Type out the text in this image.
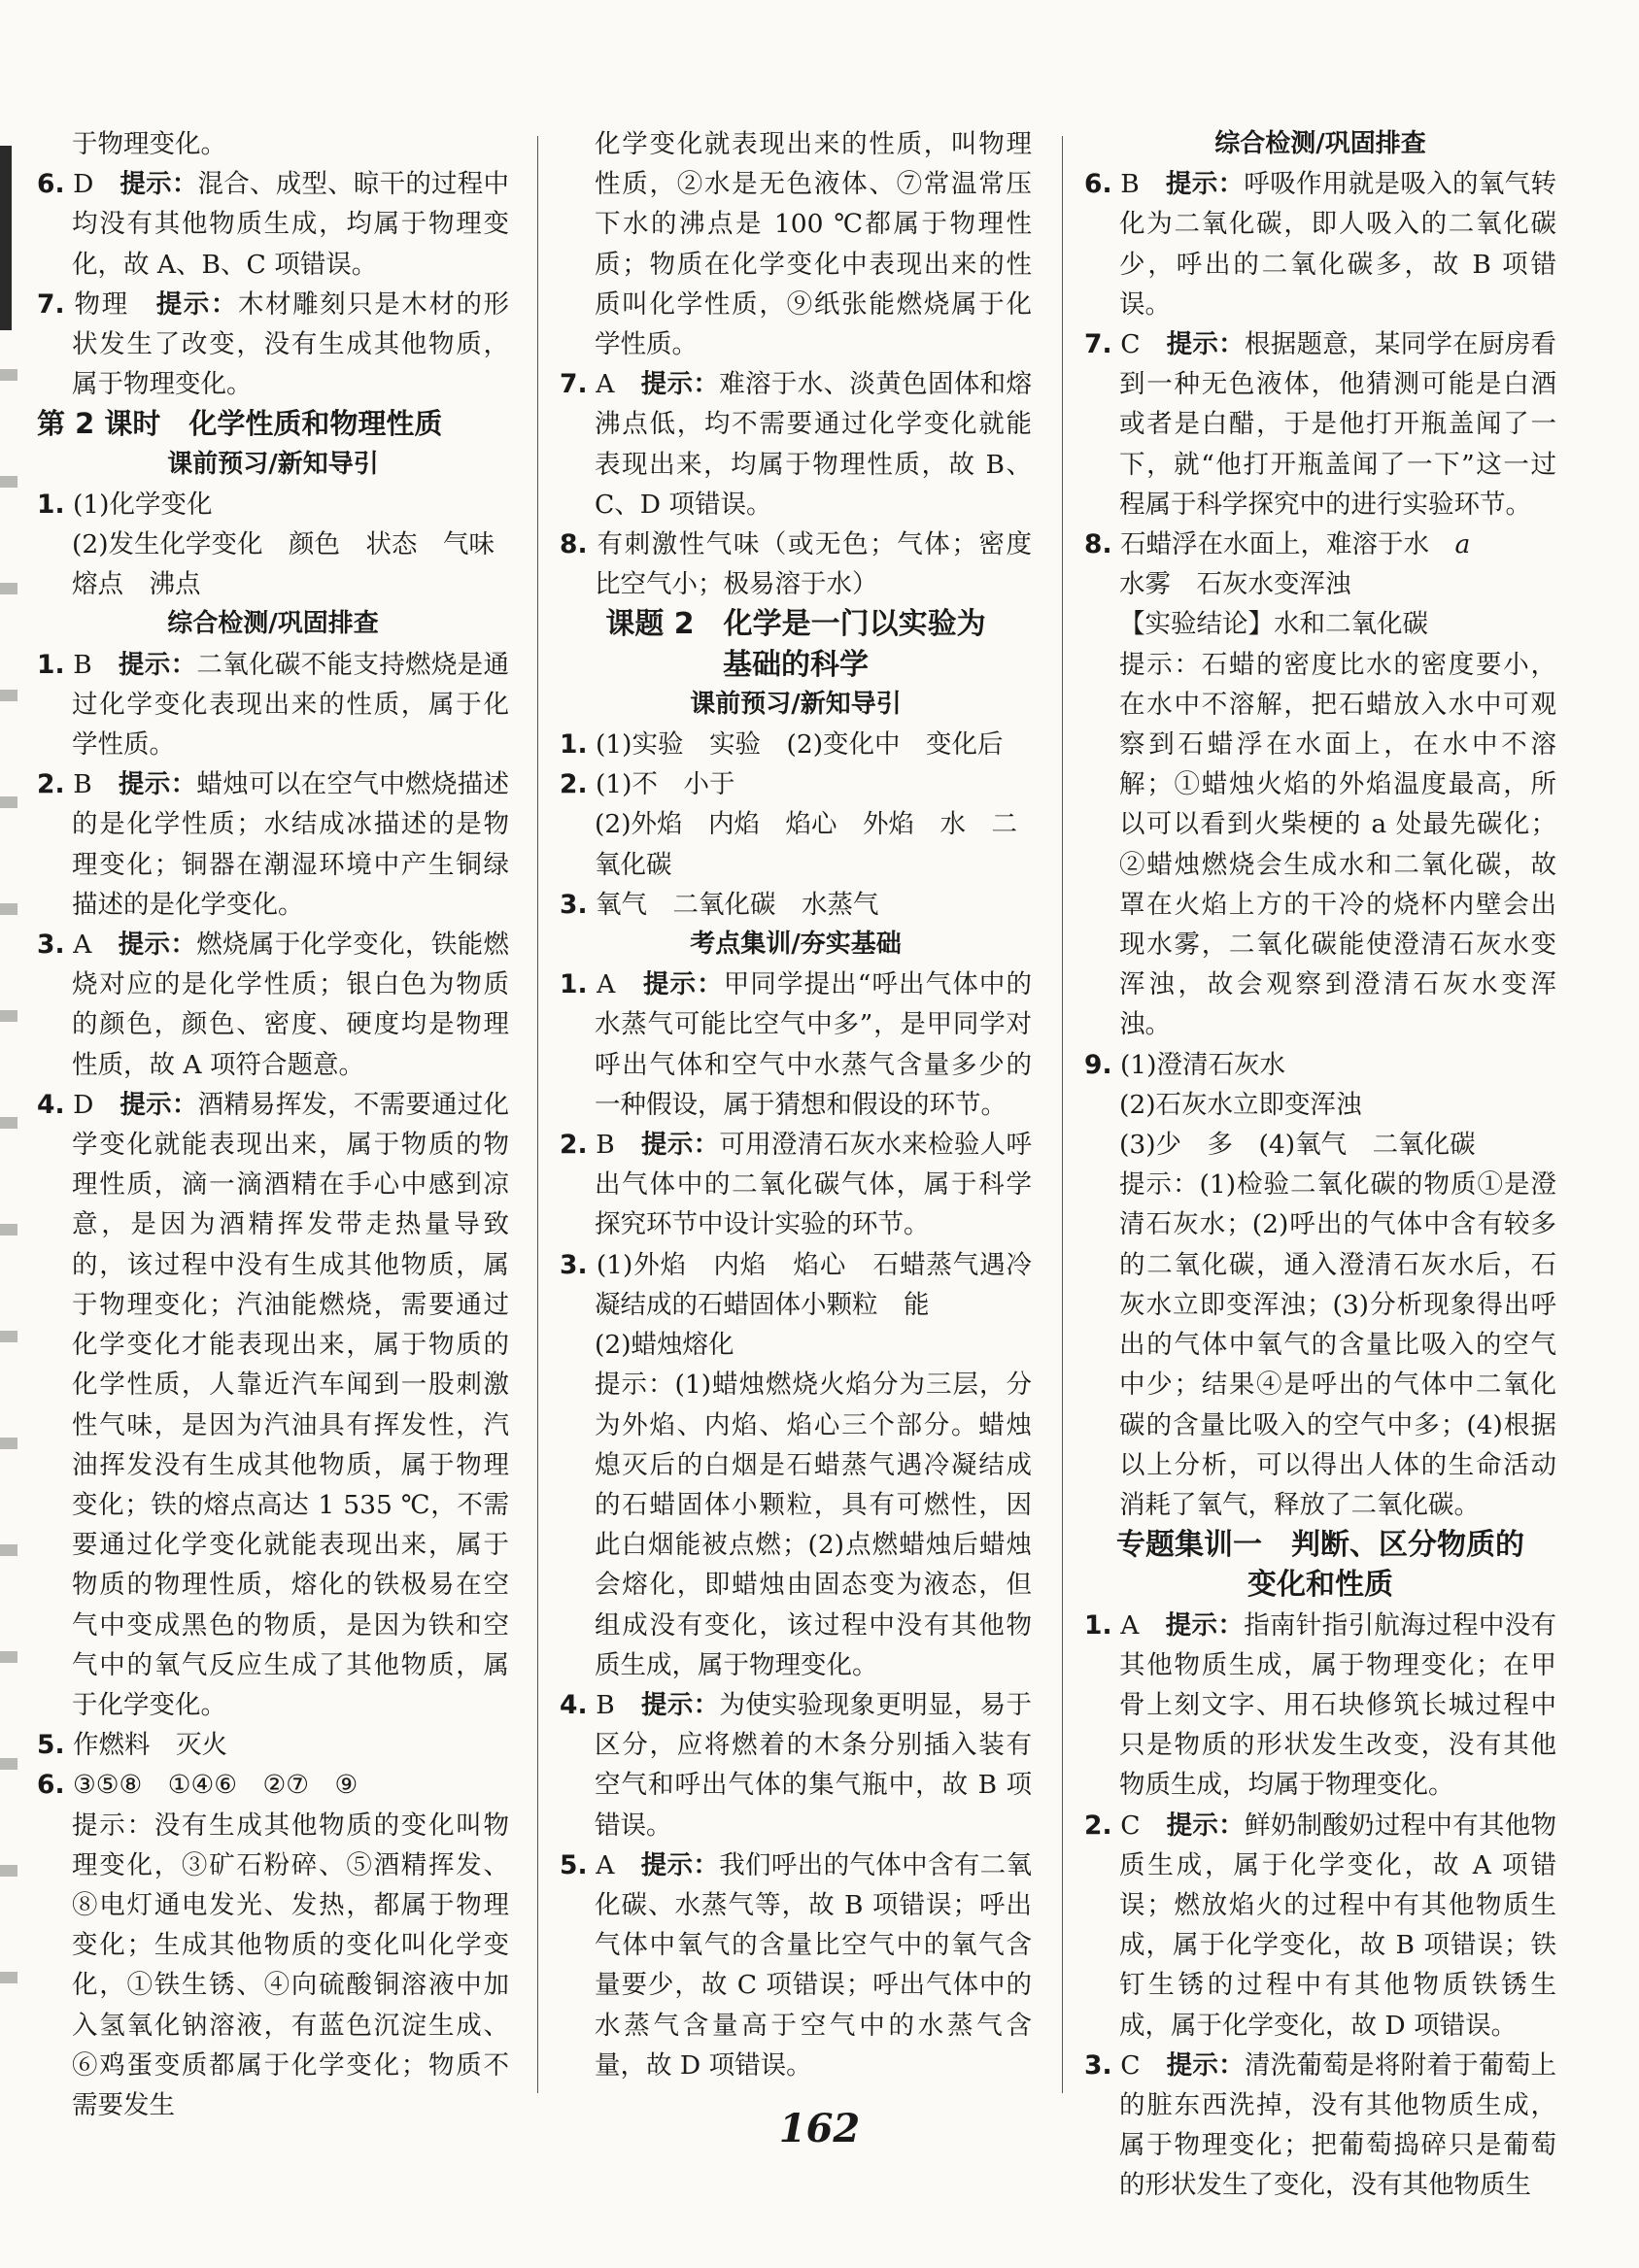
于物理变化。

6. D　 提示：混合、成型、晾干的过程中均没有其他物质生成，均属于物理变化，故 A、B、C 项错误。

7. 物理　 提示：木材雕刻只是木材的形状发生了改变，没有生成其他物质，属于物理变化。

第 2 课时　化学性质和物理性质

课前预习/新知导引

1. (1)化学变化

(2)发生化学变化　颜色　状态　气味　熔点　沸点

综合检测/巩固排查

1. B　 提示：二氧化碳不能支持燃烧是通过化学变化表现出来的性质，属于化学性质。

2. B　 提示：蜡烛可以在空气中燃烧描述的是化学性质；水结成冰描述的是物理变化；铜器在潮湿环境中产生铜绿描述的是化学变化。

3. A　 提示：燃烧属于化学变化，铁能燃烧对应的是化学性质；银白色为物质的颜色，颜色、密度、硬度均是物理性质，故 A 项符合题意。

4. D　 提示：酒精易挥发，不需要通过化学变化就能表现出来，属于物质的物理性质，滴一滴酒精在手心中感到凉意，是因为酒精挥发带走热量导致的，该过程中没有生成其他物质，属于物理变化；汽油能燃烧，需要通过化学变化才能表现出来，属于物质的化学性质，人靠近汽车闻到一股刺激性气味，是因为汽油具有挥发性，汽油挥发没有生成其他物质，属于物理变化；铁的熔点高达 1 535 ℃，不需要通过化学变化就能表现出来，属于物质的物理性质，熔化的铁极易在空气中变成黑色的物质，是因为铁和空气中的氧气反应生成了其他物质，属于化学变化。

5. 作燃料　灭火

6. ③⑤⑧　①④⑥　②⑦　⑨

提示：没有生成其他物质的变化叫物理变化，③矿石粉碎、⑤酒精挥发、⑧电灯通电发光、发热，都属于物理变化；生成其他物质的变化叫化学变化，①铁生锈、④向硫酸铜溶液中加入氢氧化钠溶液，有蓝色沉淀生成、⑥鸡蛋变质都属于化学变化；物质不需要发生

化学变化就表现出来的性质，叫物理性质，②水是无色液体、⑦常温常压下水的沸点是 100 ℃都属于物理性质；物质在化学变化中表现出来的性质叫化学性质，⑨纸张能燃烧属于化学性质。

7. A　 提示：难溶于水、淡黄色固体和熔沸点低，均不需要通过化学变化就能表现出来，均属于物理性质，故 B、C、D 项错误。

8. 有刺激性气味（或无色；气体；密度比空气小；极易溶于水）

课题 2　化学是一门以实验为

基础的科学

课前预习/新知导引

1. (1)实验　实验　(2)变化中　变化后

2. (1)不　小于

(2)外焰　内焰　焰心　外焰　水　二氧化碳

3. 氧气　二氧化碳　水蒸气

考点集训/夯实基础

1. A　 提示：甲同学提出“呼出气体中的水蒸气可能比空气中多”，是甲同学对呼出气体和空气中水蒸气含量多少的一种假设，属于猜想和假设的环节。

2. B　 提示：可用澄清石灰水来检验人呼出气体中的二氧化碳气体，属于科学探究环节中设计实验的环节。

3. (1)外焰　内焰　焰心　石蜡蒸气遇冷凝结成的石蜡固体小颗粒　能

(2)蜡烛熔化

提示：(1)蜡烛燃烧火焰分为三层，分为外焰、内焰、焰心三个部分。蜡烛熄灭后的白烟是石蜡蒸气遇冷凝结成的石蜡固体小颗粒，具有可燃性，因此白烟能被点燃；(2)点燃蜡烛后蜡烛会熔化，即蜡烛由固态变为液态，但组成没有变化，该过程中没有其他物质生成，属于物理变化。

4. B　 提示：为使实验现象更明显，易于区分，应将燃着的木条分别插入装有空气和呼出气体的集气瓶中，故 B 项错误。

5. A　 提示：我们呼出的气体中含有二氧化碳、水蒸气等，故 B 项错误；呼出气体中氧气的含量比空气中的氧气含量要少，故 C 项错误；呼出气体中的水蒸气含量高于空气中的水蒸气含量，故 D 项错误。

综合检测/巩固排查

6. B　 提示：呼吸作用就是吸入的氧气转化为二氧化碳，即人吸入的二氧化碳少，呼出的二氧化碳多，故 B 项错误。

7. C　 提示：根据题意，某同学在厨房看到一种无色液体，他猜测可能是白酒或者是白醋，于是他打开瓶盖闻了一下，就“他打开瓶盖闻了一下”这一过程属于科学探究中的进行实验环节。

8. 石蜡浮在水面上，难溶于水　a

水雾　石灰水变浑浊

【实验结论】水和二氧化碳

提示：石蜡的密度比水的密度要小，在水中不溶解，把石蜡放入水中可观察到石蜡浮在水面上，在水中不溶解；①蜡烛火焰的外焰温度最高，所以可以看到火柴梗的 a 处最先碳化；②蜡烛燃烧会生成水和二氧化碳，故罩在火焰上方的干冷的烧杯内壁会出现水雾，二氧化碳能使澄清石灰水变浑浊，故会观察到澄清石灰水变浑浊。

9. (1)澄清石灰水

(2)石灰水立即变浑浊

(3)少　多　(4)氧气　二氧化碳

提示：(1)检验二氧化碳的物质①是澄清石灰水；(2)呼出的气体中含有较多的二氧化碳，通入澄清石灰水后，石灰水立即变浑浊；(3)分析现象得出呼出的气体中氧气的含量比吸入的空气中少；结果④是呼出的气体中二氧化碳的含量比吸入的空气中多；(4)根据以上分析，可以得出人体的生命活动消耗了氧气，释放了二氧化碳。

专题集训一　判断、区分物质的

变化和性质

1. A　 提示：指南针指引航海过程中没有其他物质生成，属于物理变化；在甲骨上刻文字、用石块修筑长城过程中只是物质的形状发生改变，没有其他物质生成，均属于物理变化。

2. C　 提示：鲜奶制酸奶过程中有其他物质生成，属于化学变化，故 A 项错误；燃放焰火的过程中有其他物质生成，属于化学变化，故 B 项错误；铁钉生锈的过程中有其他物质铁锈生成，属于化学变化，故 D 项错误。

3. C　 提示：清洗葡萄是将附着于葡萄上的脏东西洗掉，没有其他物质生成，属于物理变化；把葡萄捣碎只是葡萄的形状发生了变化，没有其他物质生

162
